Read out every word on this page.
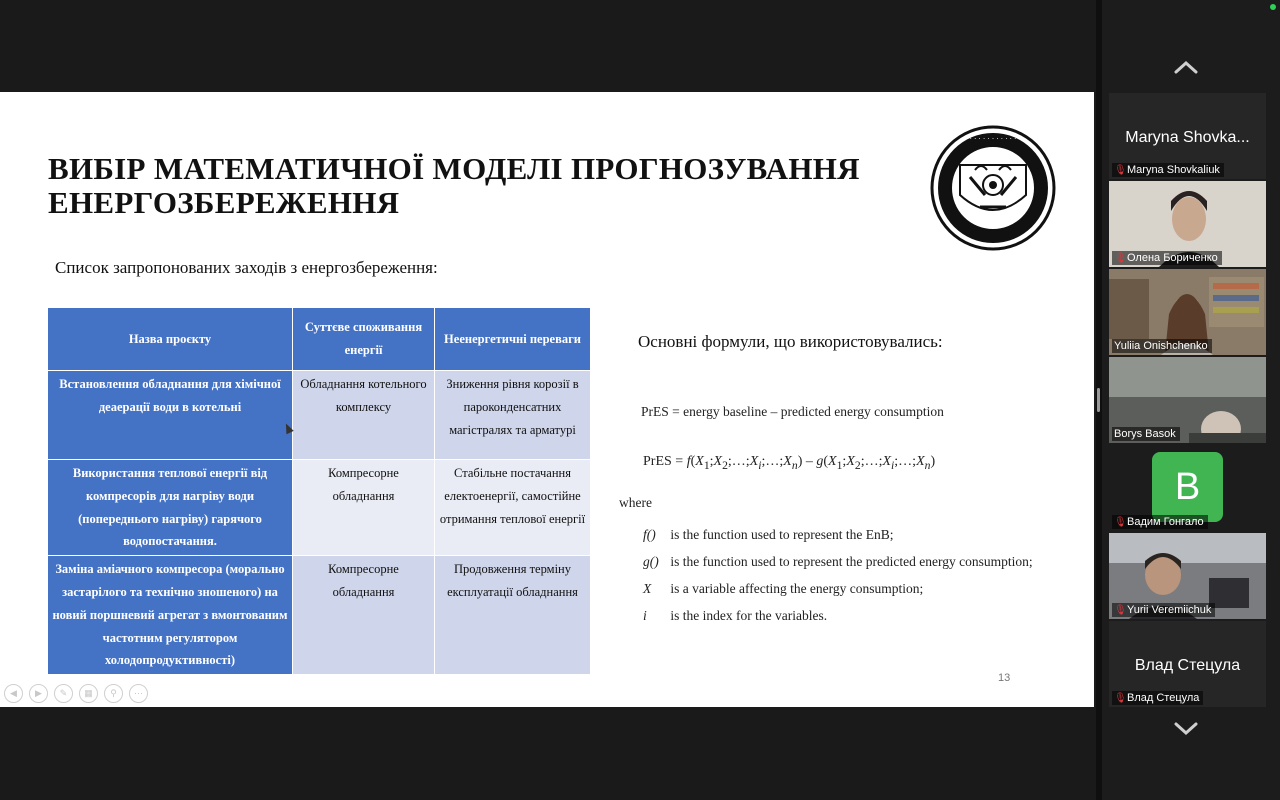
ВИБІР МАТЕМАТИЧНОЇ МОДЕЛІ ПРОГНОЗУВАННЯ ЕНЕРГОЗБЕРЕЖЕННЯ
· · · · · · · · · · ·
Список запропонованих заходів з енергозбереження:
Назва проєкту	Суттєве споживання енергії	Неенергетичні переваги
Встановлення обладнання для хімічної деаерації води в котельні	Обладнання котельного комплексу	Зниження рівня корозії в пароконденсатних магістралях та арматурі
Використання теплової енергії від компресорів для нагріву води (попереднього нагріву) гарячого водопостачання.	Компресорне обладнання	Стабільне постачання електоенергії, самостійне отримання теплової енергії
Заміна аміачного компресора (морально застарілого та технічно зношеного) на новий поршневий агрегат з вмонтованим частотним регулятором холодопродуктивності)	Компресорне обладнання	Продовження терміну експлуатації обладнання
Основні формули, що використовувались:
PrES = energy baseline – predicted energy consumption
PrES = $f(X_1;X_2;\dots;X_i;\dots;X_n)$ – $g(X_1;X_2;\dots;X_i;\dots;X_n)$
where
f() is the function used to represent the EnB;
g() is the function used to represent the predicted energy consumption;
X is a variable affecting the energy consumption;
i is the index for the variables.
13
◀	▶	✎	▦	⚲	⋯
Maryna Shovka...
🎙 Maryna Shovkaliuk
🎙 Олена Бориченко
Yuliia Onishchenko
Borys Basok
B
🎙 Вадим Гонгало
🎙 Yurii Veremiichuk
Влад Стецула
🎙 Влад Стецула
